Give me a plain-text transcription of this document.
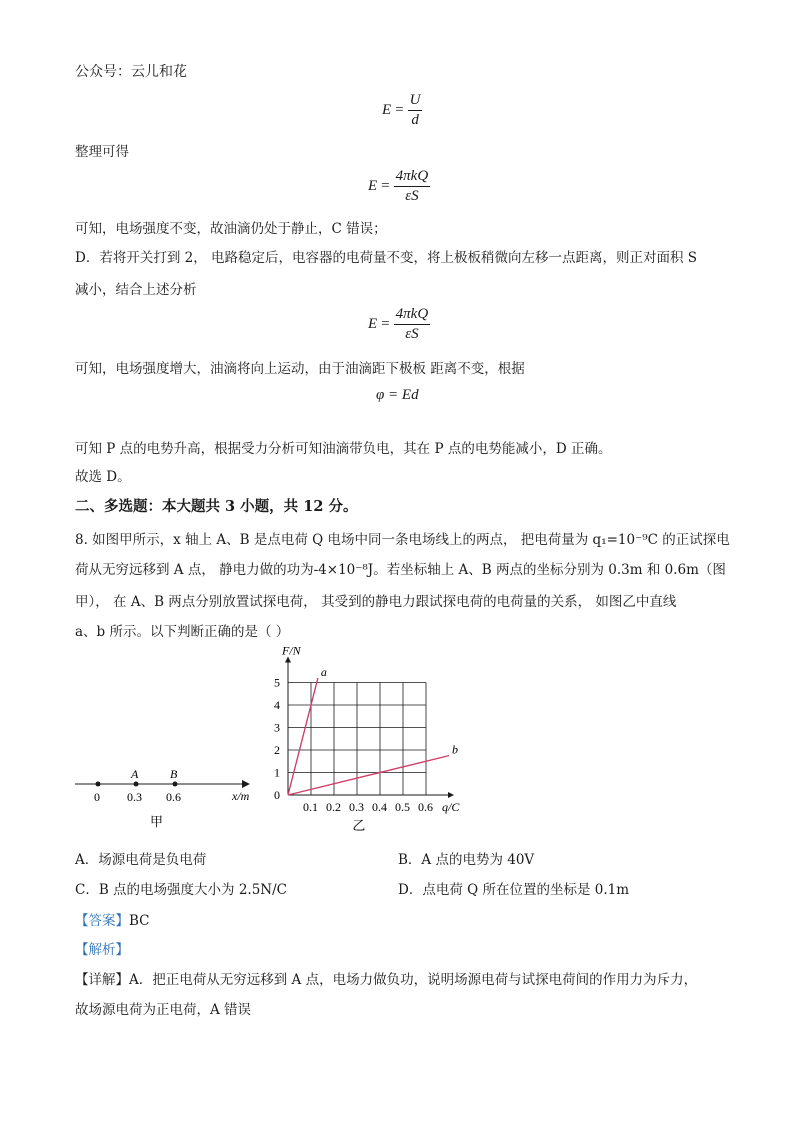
公众号：云儿和花
$E = \frac{U}{d}$
整理可得
$E = \frac{\text{4πkQ}}{\varepsilon S}$
可知，电场强度不变，故油滴仍处于静止，C 错误；
D．若将开关打到 2， 电路稳定后，电容器的电荷量不变，将上极板稍微向左移一点距离，则正对面积 S
减小，结合上述分析
$E = \frac{\text{4πkQ}}{\varepsilon S}$
可知，电场强度增大，油滴将向上运动，由于油滴距下极板 距离不变，根据
φ = Ed
可知 P 点的电势升高，根据受力分析可知油滴带负电，其在 P 点的电势能减小，D 正确。
故选 D。
二、多选题：本大题共 3 小题，共 12 分。
8. 如图甲所示，x 轴上 A、B 是点电荷 Q 电场中同一条电场线上的两点， 把电荷量为 q₁=10⁻⁹C 的正试探电
荷从无穷远移到 A 点， 静电力做的功为-4×10⁻⁸J。若坐标轴上 A、B 两点的坐标分别为 0.3m 和 0.6m（图
甲）， 在 A、B 两点分别放置试探电荷， 其受到的静电力跟试探电荷的电荷量的关系， 如图乙中直线
a、b 所示。以下判断正确的是（ ）
A	B
0 0.3 0.6	x/m
甲
0.1 0.2 0.3 0.4 0.5 0.6
0
1
2
3
4
5
a
b
F/N
q/C
乙
A．场源电荷是负电荷	B．A 点的电势为 40V
C．B 点的电场强度大小为 2.5N/C	D．点电荷 Q 所在位置的坐标是 0.1m
【答案】BC
【解析】
【详解】A．把正电荷从无穷远移到 A 点，电场力做负功，说明场源电荷与试探电荷间的作用力为斥力，
故场源电荷为正电荷，A 错误
